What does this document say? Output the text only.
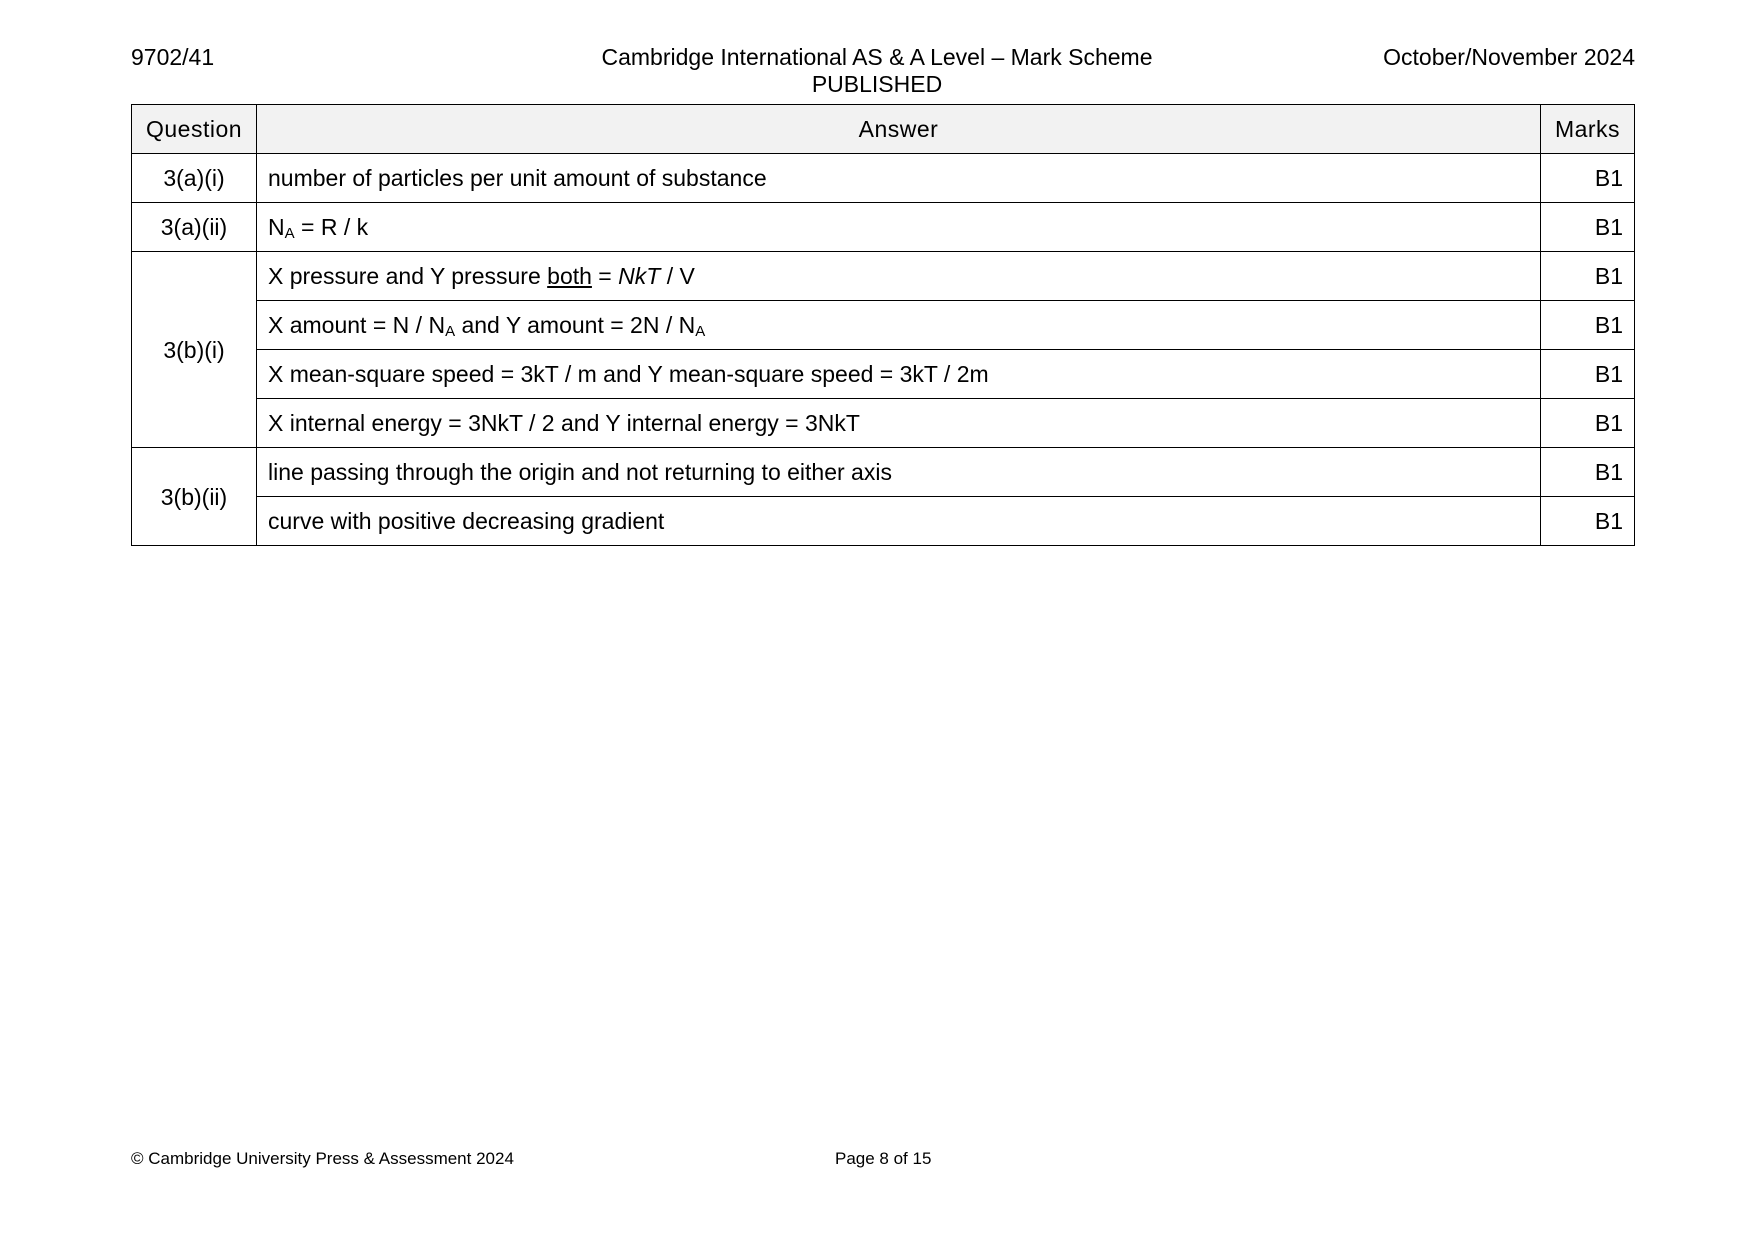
9702/41	Cambridge International AS & A Level – Mark Scheme
PUBLISHED
October/November 2024
Question	Answer	Marks
3(a)(i)	number of particles per unit amount of substance	B1
3(a)(ii)	$N_A = R / k$	B1
3(b)(i)	X pressure and Y pressure both = NkT / V	B1
	X amount = N / $N_A$ and Y amount = $2N / N_A$	B1
	X mean-square speed = 3kT / m and Y mean-square speed = 3kT / 2m	B1
	X internal energy = 3NkT / 2 and Y internal energy = 3NkT	B1
3(b)(ii)	line passing through the origin and not returning to either axis	B1
	curve with positive decreasing gradient	B1
© Cambridge University Press & Assessment 2024	Page 8 of 15
